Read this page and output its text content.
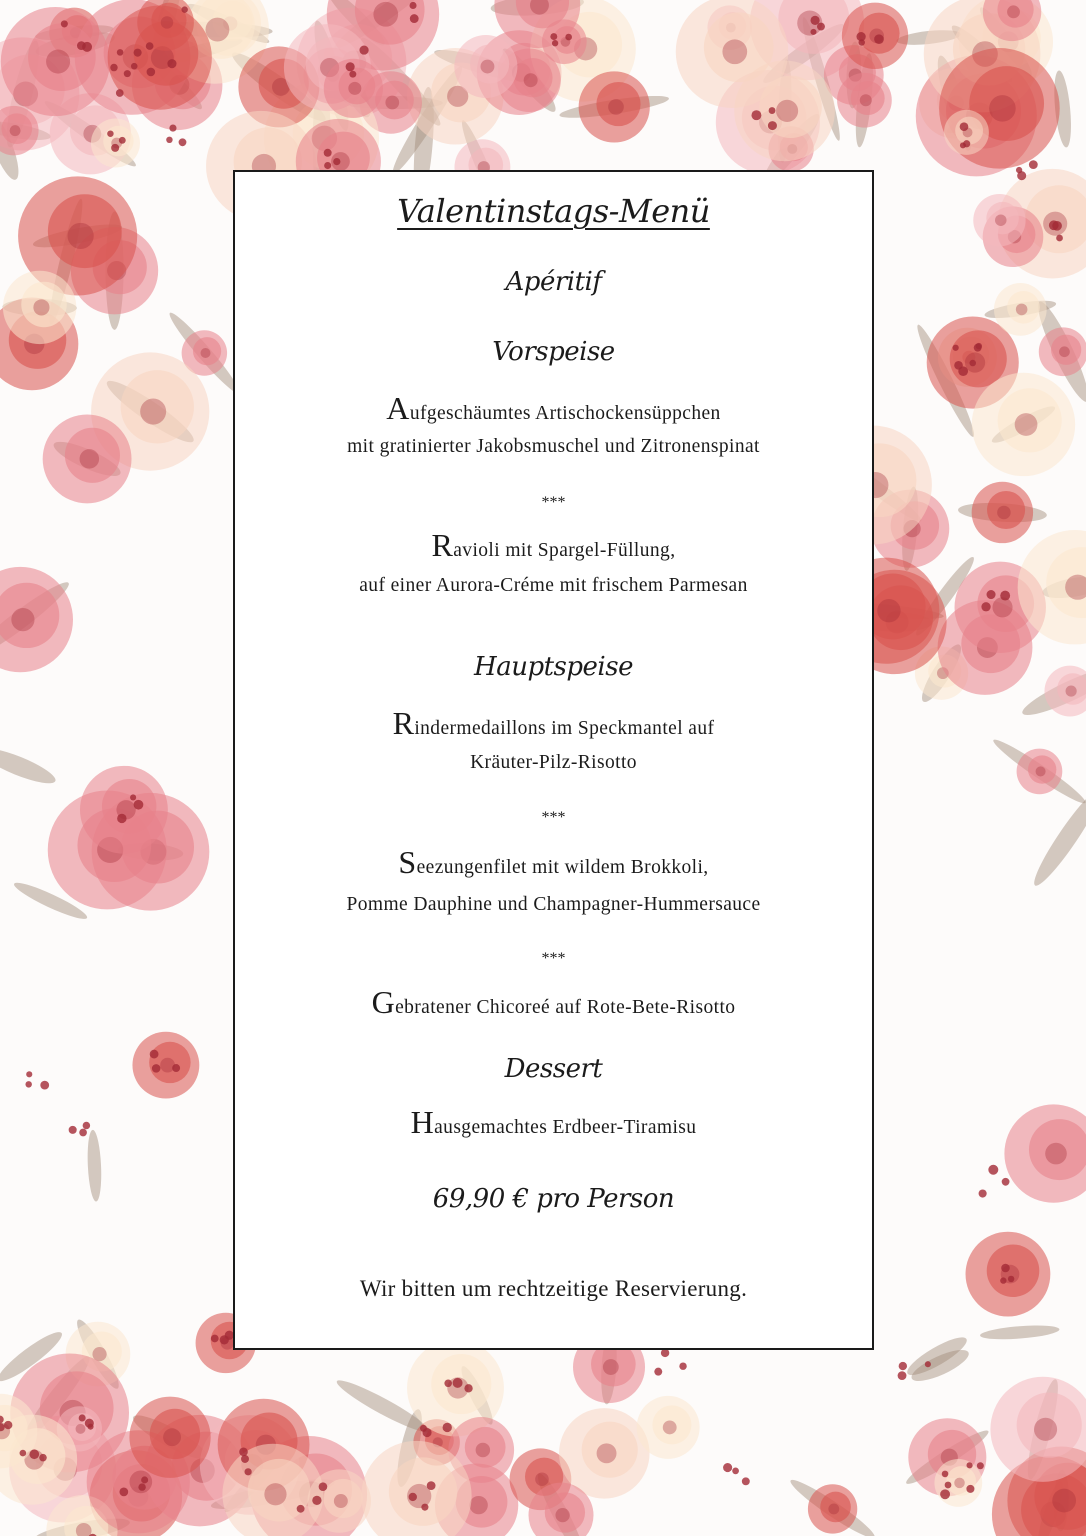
Valentinstags-Menü
Apéritif
Vorspeise
Aufgeschäumtes Artischockensüppchen
mit gratinierter Jakobsmuschel und Zitronenspinat
***
Ravioli mit Spargel-Füllung,
auf einer Aurora-Créme mit frischem Parmesan
Hauptspeise
Rindermedaillons im Speckmantel auf
Kräuter-Pilz-Risotto
***
Seezungenfilet mit wildem Brokkoli,
Pomme Dauphine und Champagner-Hummersauce
***
Gebratener Chicoreé auf Rote-Bete-Risotto
Dessert
Hausgemachtes Erdbeer-Tiramisu
69,90 € pro Person
Wir bitten um rechtzeitige Reservierung.
